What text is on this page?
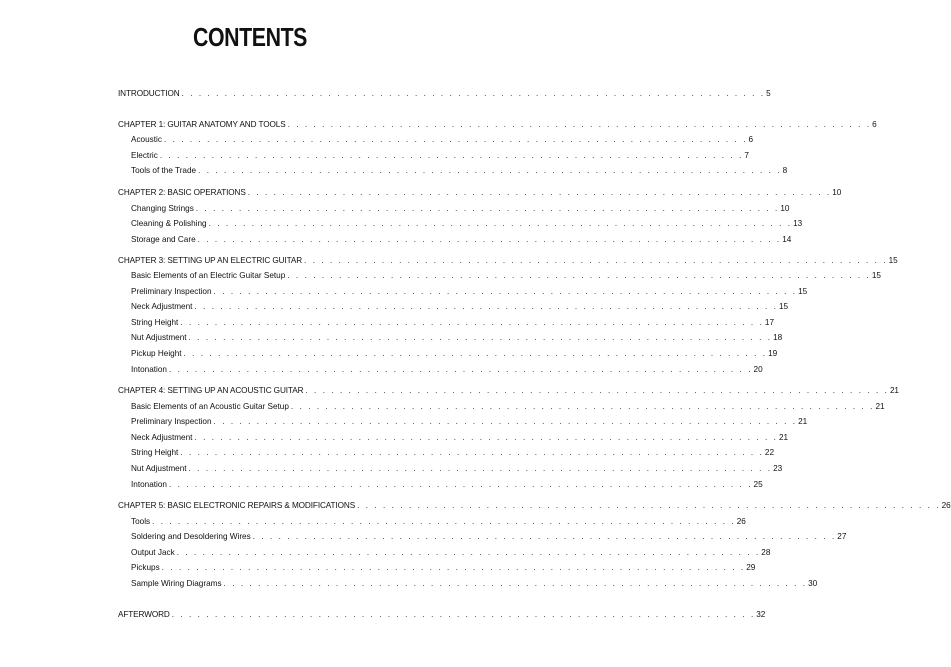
CONTENTS
INTRODUCTION . . . . . . . . . . . . . . . . . . . . . . . . . . . . . . . . . . . . . . . . . . . . . . . . . . . . . . . . . . . . . . . . . . . . 5
CHAPTER 1: GUITAR ANATOMY AND TOOLS . . . . . . . . . . . . . . . . . . . . . . . . . . . . . . . . . . . . . . . . . . . . . . . . . . . . . . . . . . . . . . . . . . . . 6
Acoustic . . . . . . . . . . . . . . . . . . . . . . . . . . . . . . . . . . . . . . . . . . . . . . . . . . . . . . . . . . . . . . . . . . . . 6
Electric . . . . . . . . . . . . . . . . . . . . . . . . . . . . . . . . . . . . . . . . . . . . . . . . . . . . . . . . . . . . . . . . . . . . 7
Tools of the Trade . . . . . . . . . . . . . . . . . . . . . . . . . . . . . . . . . . . . . . . . . . . . . . . . . . . . . . . . . . . . . . . . . . . . 8
CHAPTER 2: BASIC OPERATIONS . . . . . . . . . . . . . . . . . . . . . . . . . . . . . . . . . . . . . . . . . . . . . . . . . . . . . . . . . . . . . . . . . . . . 10
Changing Strings . . . . . . . . . . . . . . . . . . . . . . . . . . . . . . . . . . . . . . . . . . . . . . . . . . . . . . . . . . . . . . . . . . . . 10
Cleaning & Polishing . . . . . . . . . . . . . . . . . . . . . . . . . . . . . . . . . . . . . . . . . . . . . . . . . . . . . . . . . . . . . . . . . . . . 13
Storage and Care . . . . . . . . . . . . . . . . . . . . . . . . . . . . . . . . . . . . . . . . . . . . . . . . . . . . . . . . . . . . . . . . . . . . 14
CHAPTER 3: SETTING UP AN ELECTRIC GUITAR . . . . . . . . . . . . . . . . . . . . . . . . . . . . . . . . . . . . . . . . . . . . . . . . . . . . . . . . . . . . . . . . . . . . 15
Basic Elements of an Electric Guitar Setup . . . . . . . . . . . . . . . . . . . . . . . . . . . . . . . . . . . . . . . . . . . . . . . . . . . . . . . . . . . . . . . . . . . . 15
Preliminary Inspection . . . . . . . . . . . . . . . . . . . . . . . . . . . . . . . . . . . . . . . . . . . . . . . . . . . . . . . . . . . . . . . . . . . . 15
Neck Adjustment . . . . . . . . . . . . . . . . . . . . . . . . . . . . . . . . . . . . . . . . . . . . . . . . . . . . . . . . . . . . . . . . . . . . 15
String Height . . . . . . . . . . . . . . . . . . . . . . . . . . . . . . . . . . . . . . . . . . . . . . . . . . . . . . . . . . . . . . . . . . . . 17
Nut Adjustment . . . . . . . . . . . . . . . . . . . . . . . . . . . . . . . . . . . . . . . . . . . . . . . . . . . . . . . . . . . . . . . . . . . . 18
Pickup Height . . . . . . . . . . . . . . . . . . . . . . . . . . . . . . . . . . . . . . . . . . . . . . . . . . . . . . . . . . . . . . . . . . . . 19
Intonation . . . . . . . . . . . . . . . . . . . . . . . . . . . . . . . . . . . . . . . . . . . . . . . . . . . . . . . . . . . . . . . . . . . . 20
CHAPTER 4: SETTING UP AN ACOUSTIC GUITAR . . . . . . . . . . . . . . . . . . . . . . . . . . . . . . . . . . . . . . . . . . . . . . . . . . . . . . . . . . . . . . . . . . . . 21
Basic Elements of an Acoustic Guitar Setup . . . . . . . . . . . . . . . . . . . . . . . . . . . . . . . . . . . . . . . . . . . . . . . . . . . . . . . . . . . . . . . . . . . . 21
Preliminary Inspection . . . . . . . . . . . . . . . . . . . . . . . . . . . . . . . . . . . . . . . . . . . . . . . . . . . . . . . . . . . . . . . . . . . . 21
Neck Adjustment . . . . . . . . . . . . . . . . . . . . . . . . . . . . . . . . . . . . . . . . . . . . . . . . . . . . . . . . . . . . . . . . . . . . 21
String Height . . . . . . . . . . . . . . . . . . . . . . . . . . . . . . . . . . . . . . . . . . . . . . . . . . . . . . . . . . . . . . . . . . . . 22
Nut Adjustment . . . . . . . . . . . . . . . . . . . . . . . . . . . . . . . . . . . . . . . . . . . . . . . . . . . . . . . . . . . . . . . . . . . . 23
Intonation . . . . . . . . . . . . . . . . . . . . . . . . . . . . . . . . . . . . . . . . . . . . . . . . . . . . . . . . . . . . . . . . . . . . 25
CHAPTER 5: BASIC ELECTRONIC REPAIRS & MODIFICATIONS . . . . . . . . . . . . . . . . . . . . . . . . . . . . . . . . . . . . . . . . . . . . . . . . . . . . . . . . . . . . . . . . . . . . 26
Tools . . . . . . . . . . . . . . . . . . . . . . . . . . . . . . . . . . . . . . . . . . . . . . . . . . . . . . . . . . . . . . . . . . . . 26
Soldering and Desoldering Wires . . . . . . . . . . . . . . . . . . . . . . . . . . . . . . . . . . . . . . . . . . . . . . . . . . . . . . . . . . . . . . . . . . . . 27
Output Jack . . . . . . . . . . . . . . . . . . . . . . . . . . . . . . . . . . . . . . . . . . . . . . . . . . . . . . . . . . . . . . . . . . . . 28
Pickups . . . . . . . . . . . . . . . . . . . . . . . . . . . . . . . . . . . . . . . . . . . . . . . . . . . . . . . . . . . . . . . . . . . . 29
Sample Wiring Diagrams . . . . . . . . . . . . . . . . . . . . . . . . . . . . . . . . . . . . . . . . . . . . . . . . . . . . . . . . . . . . . . . . . . . . 30
AFTERWORD . . . . . . . . . . . . . . . . . . . . . . . . . . . . . . . . . . . . . . . . . . . . . . . . . . . . . . . . . . . . . . . . . . . . 32
